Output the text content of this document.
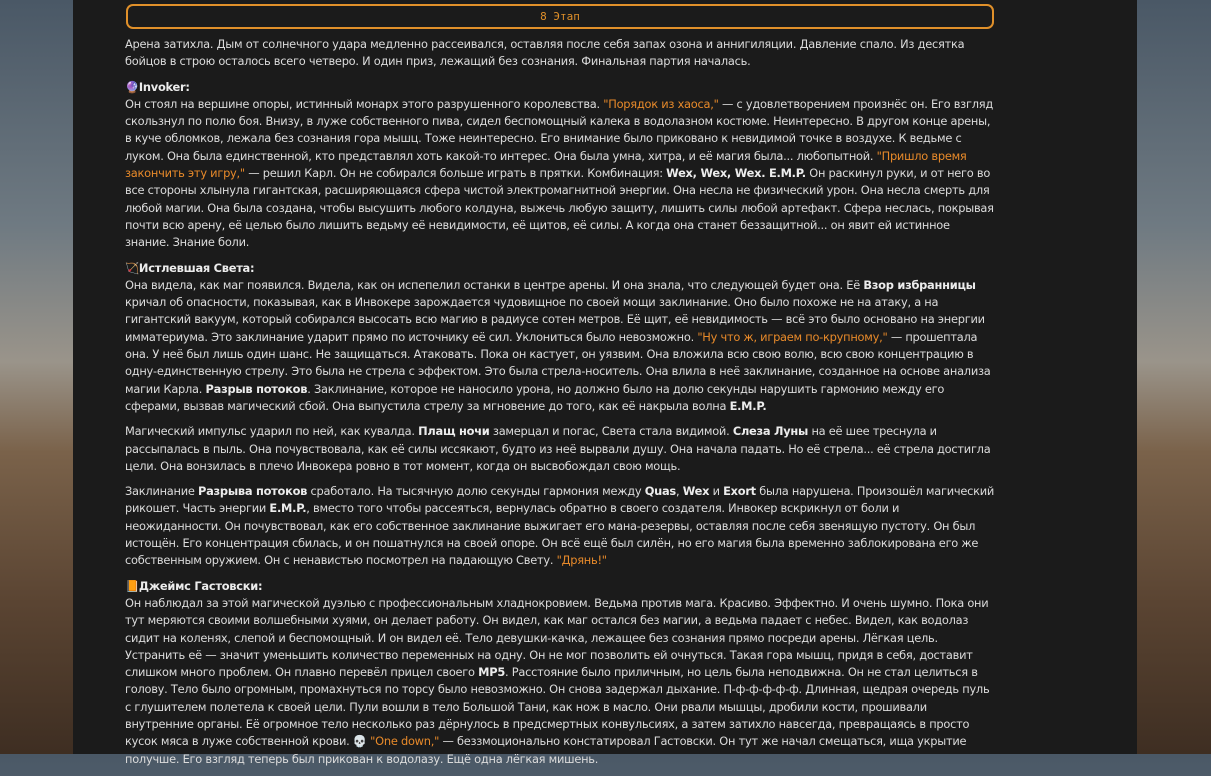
8 Этап

Арена затихла. Дым от солнечного удара медленно рассеивался, оставляя после себя запах озона и аннигиляции. Давление спало. Из десятка бойцов в строю осталось всего четверо. И один приз, лежащий без сознания. Финальная партия началась.

🔮Invoker:
Он стоял на вершине опоры, истинный монарх этого разрушенного королевства. "Порядок из хаоса," — с удовлетворением произнёс он. Его взгляд скользнул по полю боя. Внизу, в луже собственного пива, сидел беспомощный калека в водолазном костюме. Неинтересно. В другом конце арены, в куче обломков, лежала без сознания гора мышц. Тоже неинтересно. Его внимание было приковано к невидимой точке в воздухе. К ведьме с луком. Она была единственной, кто представлял хоть какой-то интерес. Она была умна, хитра, и её магия была... любопытной. "Пришло время закончить эту игру," — решил Карл. Он не собирался больше играть в прятки. Комбинация: Wex, Wex, Wex. E.M.P. Он раскинул руки, и от него во все стороны хлынула гигантская, расширяющаяся сфера чистой электромагнитной энергии. Она несла не физический урон. Она несла смерть для любой магии. Она была создана, чтобы высушить любого колдуна, выжечь любую защиту, лишить силы любой артефакт. Сфера неслась, покрывая почти всю арену, её целью было лишить ведьму её невидимости, её щитов, её силы. А когда она станет беззащитной... он явит ей истинное знание. Знание боли.

🏹Истлевшая Света:
Она видела, как маг появился. Видела, как он испепелил останки в центре арены. И она знала, что следующей будет она. Её Взор избранницы кричал об опасности, показывая, как в Инвокере зарождается чудовищное по своей мощи заклинание. Оно было похоже не на атаку, а на гигантский вакуум, который собирался высосать всю магию в радиусе сотен метров. Её щит, её невидимость — всё это было основано на энергии имматериума. Это заклинание ударит прямо по источнику её сил. Уклониться было невозможно. "Ну что ж, играем по-крупному," — прошептала она. У неё был лишь один шанс. Не защищаться. Атаковать. Пока он кастует, он уязвим. Она вложила всю свою волю, всю свою концентрацию в одну-единственную стрелу. Это была не стрела с эффектом. Это была стрела-носитель. Она влила в неё заклинание, созданное на основе анализа магии Карла. Разрыв потоков. Заклинание, которое не наносило урона, но должно было на долю секунды нарушить гармонию между его сферами, вызвав магический сбой. Она выпустила стрелу за мгновение до того, как её накрыла волна E.M.P.

Магический импульс ударил по ней, как кувалда. Плащ ночи замерцал и погас, Света стала видимой. Слеза Луны на её шее треснула и рассыпалась в пыль. Она почувствовала, как её силы иссякают, будто из неё вырвали душу. Она начала падать. Но её стрела... её стрела достигла цели. Она вонзилась в плечо Инвокера ровно в тот момент, когда он высвобождал свою мощь.

Заклинание Разрыва потоков сработало. На тысячную долю секунды гармония между Quas, Wex и Exort была нарушена. Произошёл магический рикошет. Часть энергии E.M.P., вместо того чтобы рассеяться, вернулась обратно в своего создателя. Инвокер вскрикнул от боли и неожиданности. Он почувствовал, как его собственное заклинание выжигает его мана-резервы, оставляя после себя звенящую пустоту. Он был истощён. Его концентрация сбилась, и он пошатнулся на своей опоре. Он всё ещё был силён, но его магия была временно заблокирована его же собственным оружием. Он с ненавистью посмотрел на падающую Свету. "Дрянь!"

📙Джеймс Гастовски:
Он наблюдал за этой магической дуэлью с профессиональным хладнокровием. Ведьма против мага. Красиво. Эффектно. И очень шумно. Пока они тут меряются своими волшебными хуями, он делает работу. Он видел, как маг остался без магии, а ведьма падает с небес. Видел, как водолаз сидит на коленях, слепой и беспомощный. И он видел её. Тело девушки-качка, лежащее без сознания прямо посреди арены. Лёгкая цель. Устранить её — значит уменьшить количество переменных на одну. Он не мог позволить ей очнуться. Такая гора мышц, придя в себя, доставит слишком много проблем. Он плавно перевёл прицел своего MP5. Расстояние было приличным, но цель была неподвижна. Он не стал целиться в голову. Тело было огромным, промахнуться по торсу было невозможно. Он снова задержал дыхание. П-ф-ф-ф-ф-ф. Длинная, щедрая очередь пуль с глушителем полетела к своей цели. Пули вошли в тело Большой Тани, как нож в масло. Они рвали мышцы, дробили кости, прошивали внутренние органы. Её огромное тело несколько раз дёрнулось в предсмертных конвульсиях, а затем затихло навсегда, превращаясь в просто кусок мяса в луже собственной крови. 💀 "One down," — беззмоционально констатировал Гастовски. Он тут же начал смещаться, ища укрытие получше. Его взгляд теперь был прикован к водолазу. Ещё одна лёгкая мишень.
